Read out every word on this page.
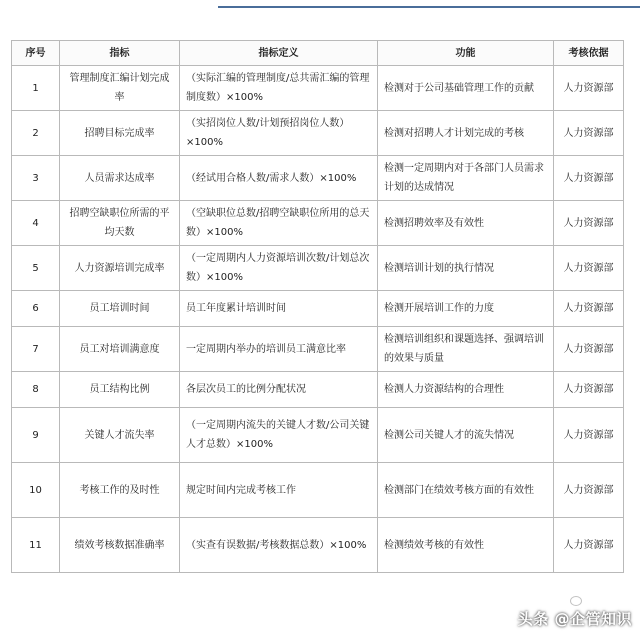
序号	指标	指标定义	功能	考核依据
1	管理制度汇编计划完成率	（实际汇编的管理制度/总共需汇编的管理制度数）×100%	检测对于公司基础管理工作的贡献	人力资源部
2	招聘目标完成率	（实招岗位人数/计划预招岗位人数）×100%	检测对招聘人才计划完成的考核	人力资源部
3	人员需求达成率	（经试用合格人数/需求人数）×100%	检测一定周期内对于各部门人员需求计划的达成情况	人力资源部
4	招聘空缺职位所需的平均天数	（空缺职位总数/招聘空缺职位所用的总天数）×100%	检测招聘效率及有效性	人力资源部
5	人力资源培训完成率	（一定周期内人力资源培训次数/计划总次数）×100%	检测培训计划的执行情况	人力资源部
6	员工培训时间	员工年度累计培训时间	检测开展培训工作的力度	人力资源部
7	员工对培训满意度	一定周期内举办的培训员工满意比率	检测培训组织和课题选择、强调培训的效果与质量	人力资源部
8	员工结构比例	各层次员工的比例分配状况	检测人力资源结构的合理性	人力资源部
9	关键人才流失率	（一定周期内流失的关键人才数/公司关键人才总数）×100%	检测公司关键人才的流失情况	人力资源部
10	考核工作的及时性	规定时间内完成考核工作	检测部门在绩效考核方面的有效性	人力资源部
11	绩效考核数据准确率	（实查有误数据/考核数据总数）×100%	检测绩效考核的有效性	人力资源部
头条 @企管知识
